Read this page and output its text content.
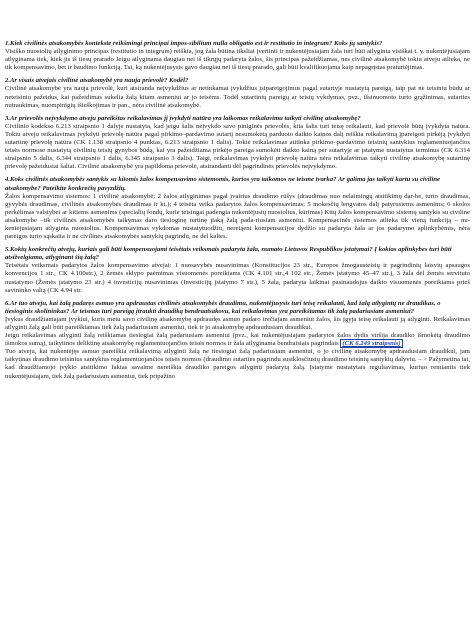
1.Kiek civilinės atsakomybės kontekste reikšmingi principai impos-sibilium nulla obligatio est ir restitutio in integrum? Koks jų santykis?

Visiško nuostolių atlyginimo principas (restitutio in integrum) reiškia, jog žala būtina tiksliai įvertinti ir nukentėjusiajam žala turi būti atlyginta visiškai t. y. nukentėjusiajam atlyginama tiek, kiek jis iš tiesų prarado Jeigu atlyginama daugiau nei iš tikrųjų padaryta žalos, šis principas pažeidžiamas, nes civilinė atsakomybė tokiu atveju atlieka, ne tik kompensavimo, bet ir baudimo funkciją. Tai, ką nukentėjusysis gavo daugiau nei iš tiesų prarado, gali būti kvalifikuojama kaip nepagrįstas praturtėjimas.

2.Ar visais atvejais civilinė atsakomybė yra nauja prievolė? Kodėl?

Civilinė atsakomybė yra nauja prievolė, kuri atsiranda neįvykdžius ar netinkamai įvykdžius įsipareigojimus pagal sutartyje nustatytą pareigą, taip pat ne teisiniu būdu ar neteisiniu pažeidus, kai pažeidimas sukelia žalą kitam asmeniui ar jo teisėms. Todėl sutartinių pareigų ar teisių vykdymas, pvz., išsinuomoto turto grąžinimas, sutarties nutraukimas, nuompinigių išieškojimas ir pan., nėra civilinė atsakomybė.

3.Ar prievolės neįvykdymo atveju pareikštas reikalavimas jį įvykdyti natūra yra laikomas reikalavimu taikyti civilinę atsakomybę?

Civilinio kodekso 6.213 straipsnio 1 dalyje nustatyta, kad jeigu šalis neįvykdo savo piniginės prievolės, kita šalis turi teisę reikalauti, kad prievolė būtų įvykdyta natūra. Tokiu atveju reikalavimas įvykdyti prievolę natūra pagal pirkimo–pardavimo sutartį nesumokėtą parduoto daikto kainos dalį reiškia reikalavimą įpareigoti pirkėją įvykdyti sutartinę prievolę natūra (CK 1.138 straipsnio 4 punktas, 6.213 straipsnio 1 dalis). Tokie reikalavimas atitinka pirkimo–pardavimo teisinių santykius reglamentuojančios teisės normose nustatytą civilinių teisių gynybos būdą, kai yra pažeidžiama pirkėjo pareiga sumokėti daikto kainą per sutartyje ar įstatyme nustatytus terminus (CK 6.314 straipsnio 5 dalis, 6.344 straipsnio 1 dalis, 6.345 straipsnio 3 dalis). Taigi, reikalavimas įvykdyti prievolę natūra nėra reikalavimas taikyti civilinę atsakomybę sutartinę prievolę pažeidusiai šaliai. Civilinė atsakomybė yra papildoma prievolė, atsirandanti dėl pagrindinės prievolės neįvykdymo.

4.Koks civilinės atsakomybės santykis su kitomis žalos kompensavimo sistemomis, kurios yra taikomos ne teisme tvarka? Ar galima jas taikyti kartu su civiline atsakomybe? Pateikite konkrečių pavyzdžių.

Žalos kompensavimo sistemos: 1 civilinė atsakomybė; 2 žalos atlyginimas pagal įvairius draudimo rūšys (draudimas nuo nelaimingų atsitikimų dar-be, turto draudimas, gyvybės draudimas, civilinės atsakomybės draudimas ir kt.); 4 teisėta veika padarytos žalos kompensavimas; 5 mokesčių lengvatos dalį patyrusiems asmenims; 6 skolos perkėlimas valstybei ar kitiems asmenims (specialių fondų, kurie teisingai padengia nukentėjusių nuostolius, kūrimas) Kitų žalos kompensavimo sistemų santykis su civiline atsakomybe –tik civilinės atsakomybės taikymas daro tiesioginę turtinę įtaką žalą pada-riusiam asmeniui. Kompensacinės sistemos atlieka tik vieną funkciją – nu-kentėjusiajam atlyginta nuostolius. Kompensavimas vykdomas nustatytuodžiu, nereiąent kompensacijos dydžio su padaryta žala ar jos padarymo aplinkybėmis, nėra pareigos turto sąskaita ir ne civilinės atsakomybės santykių pagrindu, ne del kaltes.

5.Kokių konkrečių atvejų, kuriais gali būti kompensuojami teisėtais veiksmais padaryta žala, numato Lietuvos Respublikos įstatymai? Į kokias aplinkybes turi būti atsižvelgiama, atlyginant šią žalą?

Teisėtais veiksmais padarytos žalos kompensavimo atvejai: 1 nuosavybės nusavinimas (Konstitucijos 23 str., Europos žmogausteisių ir pagrindinių laisvių apsaugos konvencijos 1 str., CK 4.100str.), 2 žemės sklypo paėmimas visuomenės poreikiams (CK 4.101 str.,4 102 str., Žemės įstatymo 45–47 str.), 3 žala dėl žemės servituto nustatymo (Žemės įstatymo 23 str.) 4 investicijų nusavinimas (Investicijų įstatymo 7 str.), 5 žala, padaryta laikinai pasinaudojus daikto visuomenės poreikiams prieš savininko valią (CK 4.94 str.

6.Ar tuo atveju, kai žalą padaręs asmuo yra apdraustas civilinės atsakomybės draudimu, nukentėjusysis turi teisę reikalauti, kad žalą atlygintų ne draudikas, o tiesioginis skolininkas? Ar teismas turi pareigą įtraukti draudiką bendraatsakovu, kai reikalavimas yra pareikštamas tik žalą padariusiam asmeniui?

Įvykus draudžiamajam įvykiui, kuris metu savo civilinę atsakomybę apdraudęs asmuo padaro trečiajam asmeniui žalos, šis įgyja teisę reikalauti ją atlyginti. Reikalavimas atlyginti žalą gali būti pareiškiamas tiek žalą padariusiam asmeniui, tiek ir jo atsakomybę apdraudusiam draudikui.

Jeigu reikalavimas atlyginti žalą reiškiamas tiesiogiai žalą padariusiam asmeniui (pvz., kai nukentėjusiajam padarytos žalos dydis viršija draudiko išmokėtą draudimo išmokos sumą), taikytinos deliktinę atsakomybę reglamentuojančios teisės normos ir žala atlyginama bendraisiais pagrindais (CK 6.249 straipsnis)

Tuo atveju, kai nukentėjęs asmuo pareiškia reikalavimą atlyginti žalą ne tiesiogiai žalą padariusiam asmeniui, o jo civilinę atsakomybę apdraudusiam draudikui, jam taikytinas draudimo teisinius santykius reglamentuojančios teisės normos (draudimo sutarties pagrindu susiklosčiusių draudimo teisinių santykių dalyviu. – > Pažymetina tai, kad draudžiamojo įvykio atsitikimo faktas savaime nereiškia draudiko pareigos atlyginti padarytą žalą. Įstatyme nustatytais reguliavimas, kuriuo remiantis tiek nukentėjusiajam, tiek žalą padariusiam asmeniui, tiek pripažino
